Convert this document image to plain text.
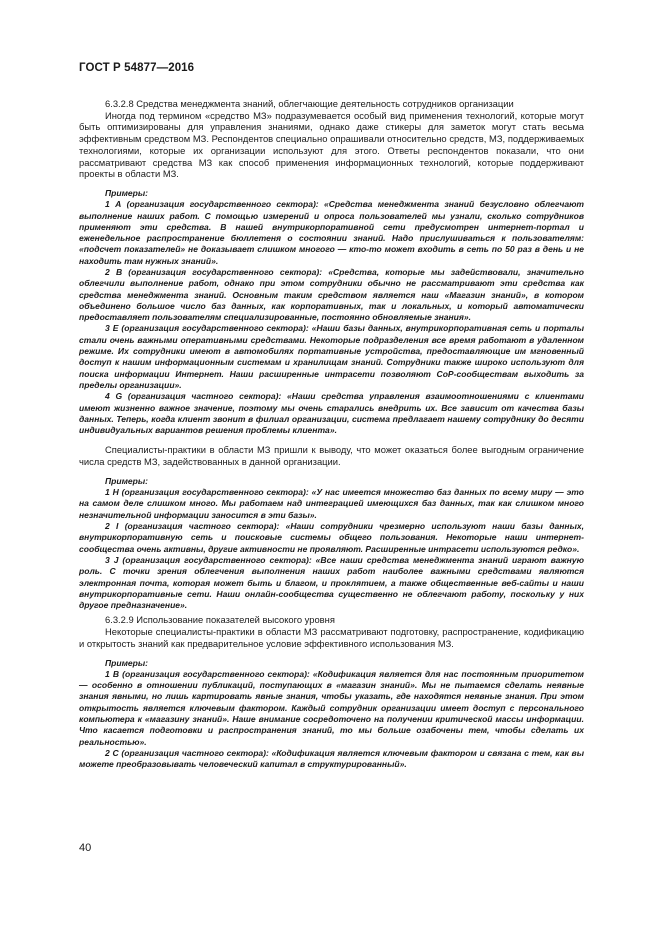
ГОСТ Р 54877—2016

6.3.2.8 Средства менеджмента знаний, облегчающие деятельность сотрудников организации

Иногда под термином «средство МЗ» подразумевается особый вид применения технологий, которые могут быть оптимизированы для управления знаниями, однако даже стикеры для заметок могут стать весьма эффективным средством МЗ. Респондентов специально опрашивали относительно средств, МЗ, поддерживаемых технологиями, которые их организации используют для этого. Ответы респондентов показали, что они рассматривают средства МЗ как способ применения информационных технологий, которые поддерживают проекты в области МЗ.

Примеры:

1 А (организация государственного сектора): «Средства менеджмента знаний безусловно облегчают выполнение наших работ. С помощью измерений и опроса пользователей мы узнали, сколько сотрудников применяют эти средства. В нашей внутрикорпоративной сети предусмотрен интернет-портал и еженедельное распространение бюллетеня о состоянии знаний. Надо прислушиваться к пользователям: «подсчет показателей» не доказывает слишком многого — кто-то может входить в сеть по 50 раз в день и не находить там нужных знаний».

2 В (организация государственного сектора): «Средства, которые мы задействовали, значительно облегчили выполнение работ, однако при этом сотрудники обычно не рассматривают эти средства как средства менеджмента знаний. Основным таким средством является наш «Магазин знаний», в котором объединено большое число баз данных, как корпоративных, так и локальных, и который автоматически предоставляет пользователям специализированные, постоянно обновляемые знания».

3 Е (организация государственного сектора): «Наши базы данных, внутрикорпоративная сеть и порталы стали очень важными оперативными средствами. Некоторые подразделения все время работают в удаленном режиме. Их сотрудники имеют в автомобилях портативные устройства, предоставляющие им мгновенный доступ к нашим информационным системам и хранилищам знаний. Сотрудники также широко используют для поиска информации Интернет. Наши расширенные интрасети позволяют CoP-сообществам выходить за пределы организации».

4 G (организация частного сектора): «Наши средства управления взаимоотношениями с клиентами имеют жизненно важное значение, поэтому мы очень старались внедрить их. Все зависит от качества базы данных. Теперь, когда клиент звонит в филиал организации, система предлагает нашему сотруднику до десяти индивидуальных вариантов решения проблемы клиента».

Специалисты-практики в области МЗ пришли к выводу, что может оказаться более выгодным ограничение числа средств МЗ, задействованных в данной организации.

Примеры:

1 Н (организация государственного сектора): «У нас имеется множество баз данных по всему миру — это на самом деле слишком много. Мы работаем над интеграцией имеющихся баз данных, так как слишком много незначительной информации заносится в эти базы».

2 I (организация частного сектора): «Наши сотрудники чрезмерно используют наши базы данных, внутрикорпоративную сеть и поисковые системы общего пользования. Некоторые наши интернет-сообщества очень активны, другие активности не проявляют. Расширенные интрасети используются редко».

3 J (организация государственного сектора): «Все наши средства менеджмента знаний играют важную роль. С точки зрения облегчения выполнения наших работ наиболее важными средствами являются электронная почта, которая может быть и благом, и проклятием, а также общественные веб-сайты и наши внутрикорпоративные сети. Наши онлайн-сообщества существенно не облегчают работу, поскольку у них другое предназначение».

6.3.2.9 Использование показателей высокого уровня

Некоторые специалисты-практики в области МЗ рассматривают подготовку, распространение, кодификацию и открытость знаний как предварительное условие эффективного использования МЗ.

Примеры:

1 В (организация государственного сектора): «Кодификация является для нас постоянным приоритетом — особенно в отношении публикаций, поступающих в «магазин знаний». Мы не пытаемся сделать неявные знания явными, но лишь картировать явные знания, чтобы указать, где находятся неявные знания. При этом открытость является ключевым фактором. Каждый сотрудник организации имеет доступ с персонального компьютера к «магазину знаний». Наше внимание сосредоточено на получении критической массы информации. Что касается подготовки и распространения знаний, то мы больше озабочены тем, чтобы сделать их реальностью».

2 С (организация частного сектора): «Кодификация является ключевым фактором и связана с тем, как вы можете преобразовывать человеческий капитал в структурированный».

40
